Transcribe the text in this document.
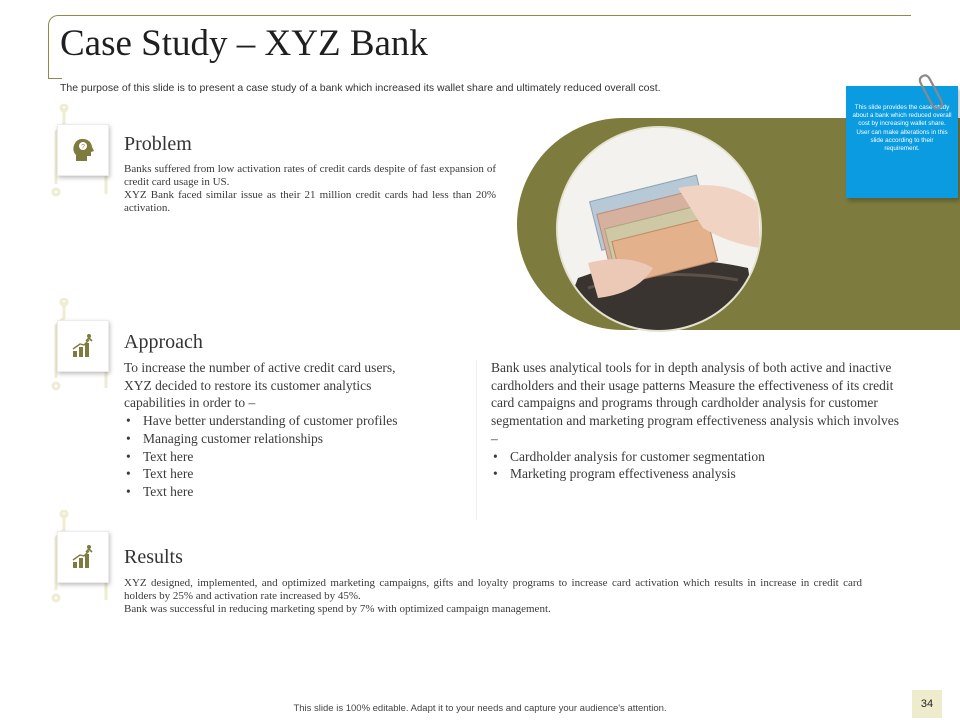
Case Study – XYZ Bank
The purpose of this slide is to present a case study of a bank which increased its wallet share and ultimately reduced overall cost.
This slide provides the case study about a bank which reduced overall cost by increasing wallet share. User can make alterations in this slide according to their requirement.
? Problem

Banks suffered from low activation rates of credit cards despite of fast expansion of credit card usage in US.

XYZ Bank faced similar issue as their 21 million credit cards had less than 20% activation.

Approach

To increase the number of active credit card users, XYZ decided to restore its customer analytics capabilities in order to –

• Have better understanding of customer profiles
• Managing customer relationships
• Text here
• Text here
• Text here

Bank uses analytical tools for in depth analysis of both active and inactive cardholders and their usage patterns Measure the effectiveness of its credit card campaigns and programs through cardholder analysis for customer segmentation and marketing program effectiveness analysis which involves –

• Cardholder analysis for customer segmentation
• Marketing program effectiveness analysis
Results

XYZ designed, implemented, and optimized marketing campaigns, gifts and loyalty programs to increase card activation which results in increase in credit card holders by 25% and activation rate increased by 45%.

Bank was successful in reducing marketing spend by 7% with optimized campaign management.

This slide is 100% editable. Adapt it to your needs and capture your audience's attention.	34
